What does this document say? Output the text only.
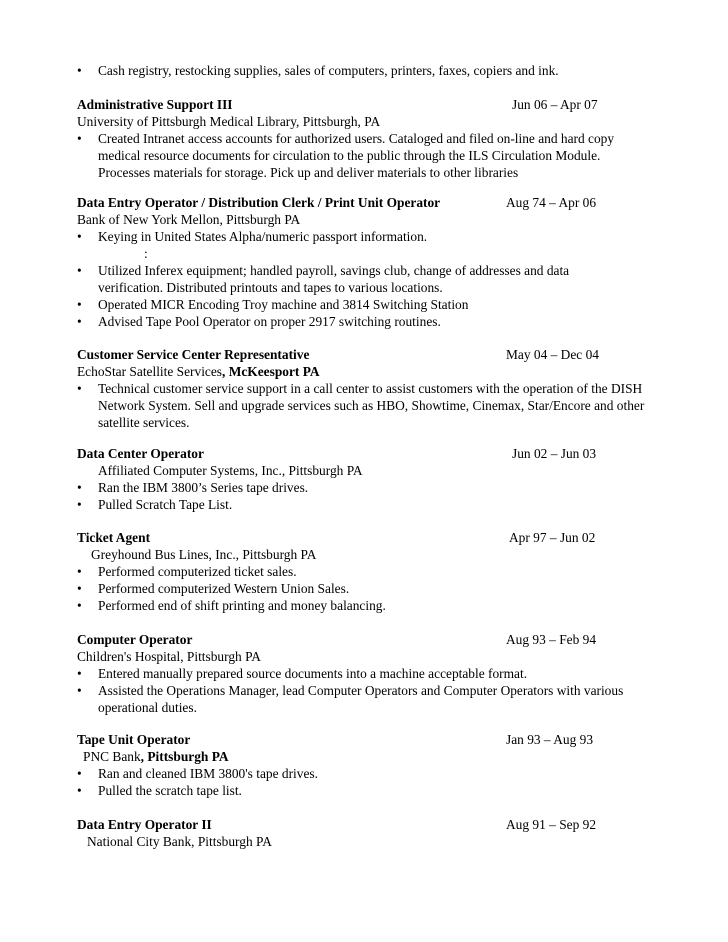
•	Cash registry, restocking supplies, sales of computers, printers, faxes, copiers and ink.
Administrative Support III	Jun 06 – Apr 07
University of Pittsburgh Medical Library, Pittsburgh, PA
•	Created Intranet access accounts for authorized users. Cataloged and filed on-line and hard copy medical resource documents for circulation to the public through the ILS Circulation Module. Processes materials for storage. Pick up and deliver materials to other libraries
Data Entry Operator / Distribution Clerk / Print Unit Operator	Aug 74 – Apr 06
Bank of New York Mellon, Pittsburgh PA
•	Keying in United States Alpha/numeric passport information.
:
•	Utilized Inferex equipment; handled payroll, savings club, change of addresses and data verification. Distributed printouts and tapes to various locations.
•	Operated MICR Encoding Troy machine and 3814 Switching Station
•	Advised Tape Pool Operator on proper 2917 switching routines.
Customer Service Center Representative	May 04 – Dec 04
EchoStar Satellite Services, McKeesport PA
•	Technical customer service support in a call center to assist customers with the operation of the DISH Network System. Sell and upgrade services such as HBO, Showtime, Cinemax, Star/Encore and other satellite services.
Data Center Operator	Jun 02 – Jun 03
Affiliated Computer Systems, Inc., Pittsburgh PA
•	Ran the IBM 3800’s Series tape drives.
•	Pulled Scratch Tape List.
Ticket Agent	Apr 97 – Jun 02
Greyhound Bus Lines, Inc., Pittsburgh PA
•	Performed computerized ticket sales.
•	Performed computerized Western Union Sales.
•	Performed end of shift printing and money balancing.
Computer Operator	Aug 93 – Feb 94
Children's Hospital, Pittsburgh PA
•	Entered manually prepared source documents into a machine acceptable format.
•	Assisted the Operations Manager, lead Computer Operators and Computer Operators with various operational duties.
Tape Unit Operator	Jan 93 – Aug 93
PNC Bank, Pittsburgh PA
•	Ran and cleaned IBM 3800's tape drives.
•	Pulled the scratch tape list.
Data Entry Operator II	Aug 91 – Sep 92
National City Bank, Pittsburgh PA
